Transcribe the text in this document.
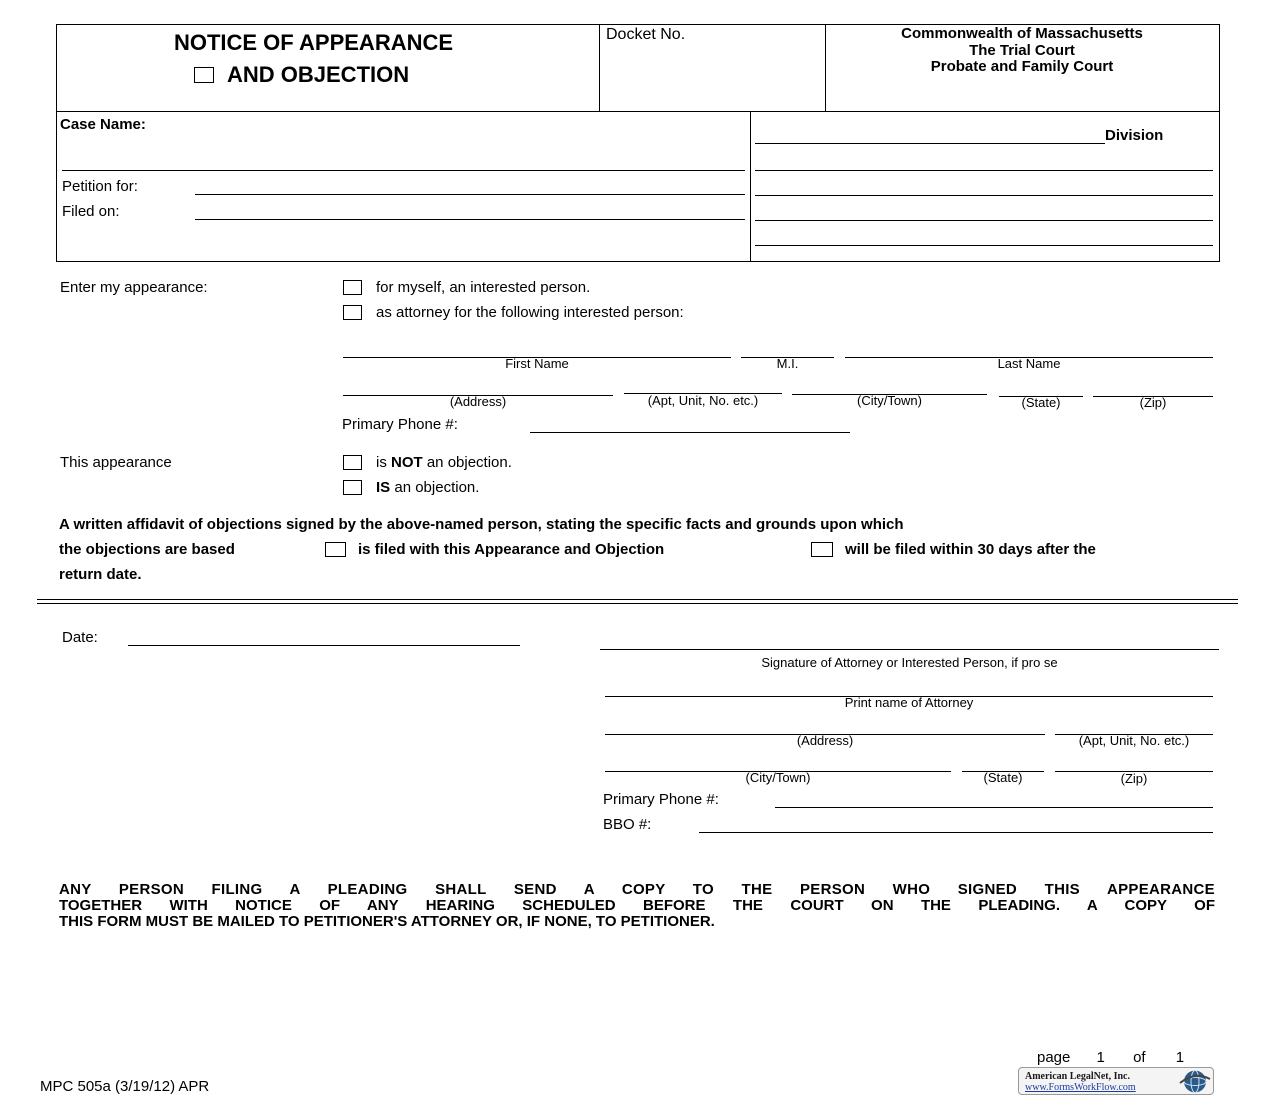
NOTICE OF APPEARANCE
AND OBJECTION
Docket No.	Commonwealth of Massachusetts
The Trial Court
Probate and Family Court
Case Name:
Petition for:
Filed on:
Division
Enter my appearance:	for myself, an interested person.
as attorney for the following interested person:
First Name	M.I.	Last Name
(Address)	(Apt, Unit, No. etc.)	(City/Town)	(State)	(Zip)
Primary Phone #:
This appearance	is NOT an objection.
IS an objection.
A written affidavit of objections signed by the above-named person, stating the specific facts and grounds upon which
the objections are based	is filed with this Appearance and Objection	will be filed within 30 days after the
return date.
Date:
Signature of Attorney or Interested Person, if pro se
Print name of Attorney
(Address)	(Apt, Unit, No. etc.)
(City/Town)	(State)	(Zip)
Primary Phone #:
BBO #:
ANY PERSON FILING A PLEADING SHALL SEND A COPY TO THE PERSON WHO SIGNED THIS APPEARANCE
TOGETHER WITH NOTICE OF ANY HEARING SCHEDULED BEFORE THE COURT ON THE PLEADING. A COPY OF
THIS FORM MUST BE MAILED TO PETITIONER'S ATTORNEY OR, IF NONE, TO PETITIONER.
MPC 505a (3/19/12) APR
page 1 of 1
American LegalNet, Inc.
www.FormsWorkFlow.com
